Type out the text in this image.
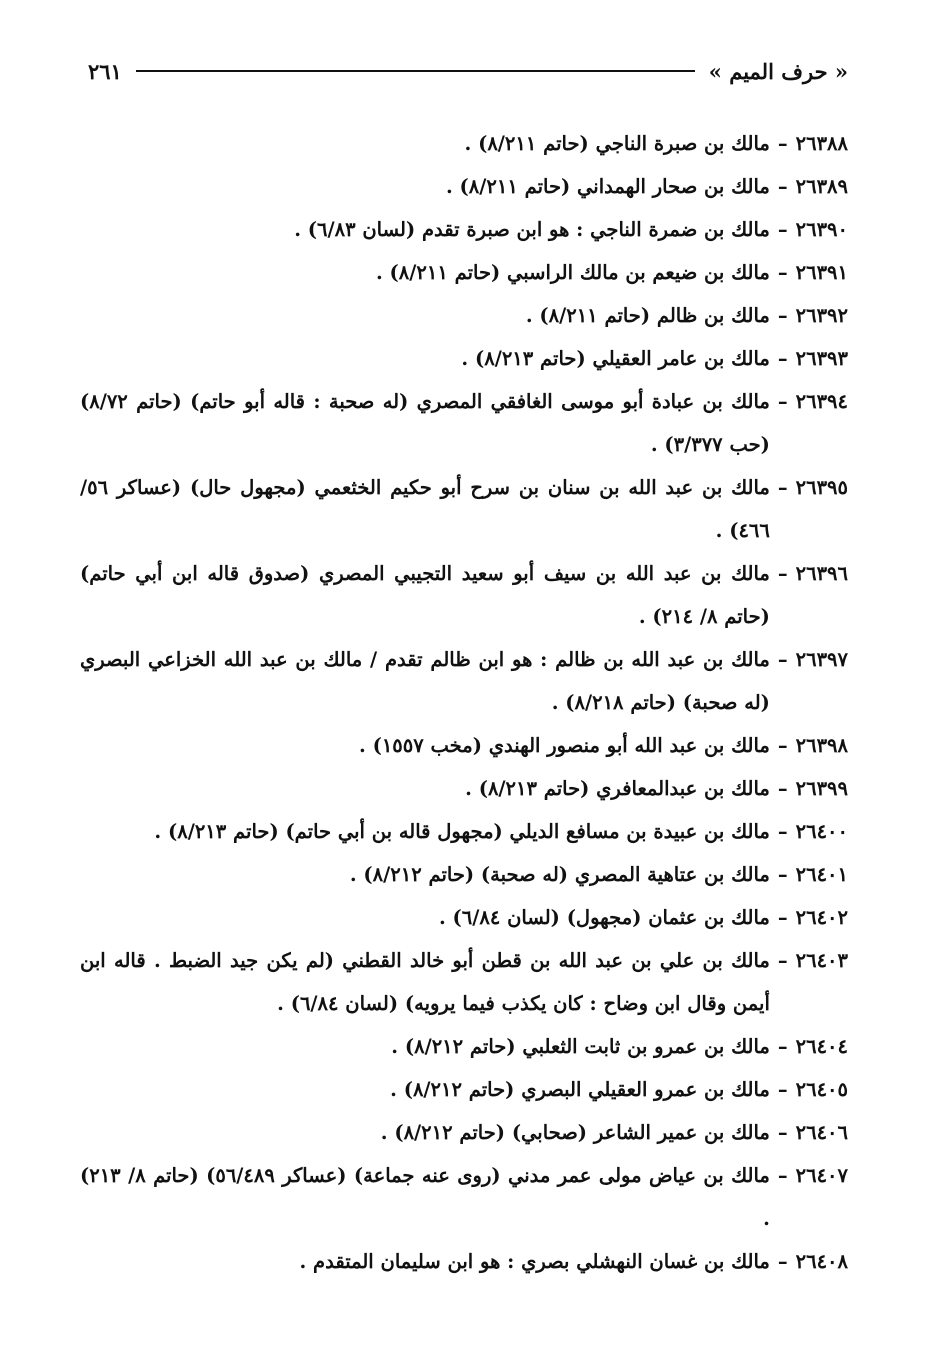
« حرف الميم »
٢٦١
٢٦٣٨٨
–
مالك بن صبرة الناجي (حاتم ٨/٢١١) .
٢٦٣٨٩
–
مالك بن صحار الهمداني (حاتم ٨/٢١١) .
٢٦٣٩٠
–
مالك بن ضمرة الناجي : هو ابن صبرة تقدم (لسان ٦/٨٣) .
٢٦٣٩١
–
مالك بن ضيعم بن مالك الراسبي (حاتم ٨/٢١١) .
٢٦٣٩٢
–
مالك بن ظالم (حاتم ٨/٢١١) .
٢٦٣٩٣
–
مالك بن عامر العقيلي (حاتم ٨/٢١٣) .
٢٦٣٩٤
–
مالك بن عبادة أبو موسى الغافقي المصري (له صحبة : قاله أبو حاتم) (حاتم ٨/٧٢) (حب ٣/٣٧٧) .
٢٦٣٩٥
–
مالك بن عبد الله بن سنان بن سرح أبو حكيم الخثعمي (مجهول حال) (عساكر ٥٦/ ٤٦٦) .
٢٦٣٩٦
–
مالك بن عبد الله بن سيف أبو سعيد التجيبي المصري (صدوق قاله ابن أبي حاتم) (حاتم ٨/ ٢١٤) .
٢٦٣٩٧
–
مالك بن عبد الله بن ظالم : هو ابن ظالم تقدم / مالك بن عبد الله الخزاعي البصري (له صحبة) (حاتم ٨/٢١٨) .
٢٦٣٩٨
–
مالك بن عبد الله أبو منصور الهندي (مخب ١٥٥٧) .
٢٦٣٩٩
–
مالك بن عبدالمعافري (حاتم ٨/٢١٣) .
٢٦٤٠٠
–
مالك بن عبيدة بن مسافع الديلي (مجهول قاله بن أبي حاتم) (حاتم ٨/٢١٣) .
٢٦٤٠١
–
مالك بن عتاهية المصري (له صحبة) (حاتم ٨/٢١٢) .
٢٦٤٠٢
–
مالك بن عثمان (مجهول) (لسان ٦/٨٤) .
٢٦٤٠٣
–
مالك بن علي بن عبد الله بن قطن أبو خالد القطني (لم يكن جيد الضبط . قاله ابن أيمن وقال ابن وضاح : كان يكذب فيما يرويه) (لسان ٦/٨٤) .
٢٦٤٠٤
–
مالك بن عمرو بن ثابت الثعلبي (حاتم ٨/٢١٢) .
٢٦٤٠٥
–
مالك بن عمرو العقيلي البصري (حاتم ٨/٢١٢) .
٢٦٤٠٦
–
مالك بن عمير الشاعر (صحابي) (حاتم ٨/٢١٢) .
٢٦٤٠٧
–
مالك بن عياض مولى عمر مدني (روى عنه جماعة) (عساكر ٥٦/٤٨٩) (حاتم ٨/ ٢١٣) .
٢٦٤٠٨
–
مالك بن غسان النهشلي بصري : هو ابن سليمان المتقدم .
